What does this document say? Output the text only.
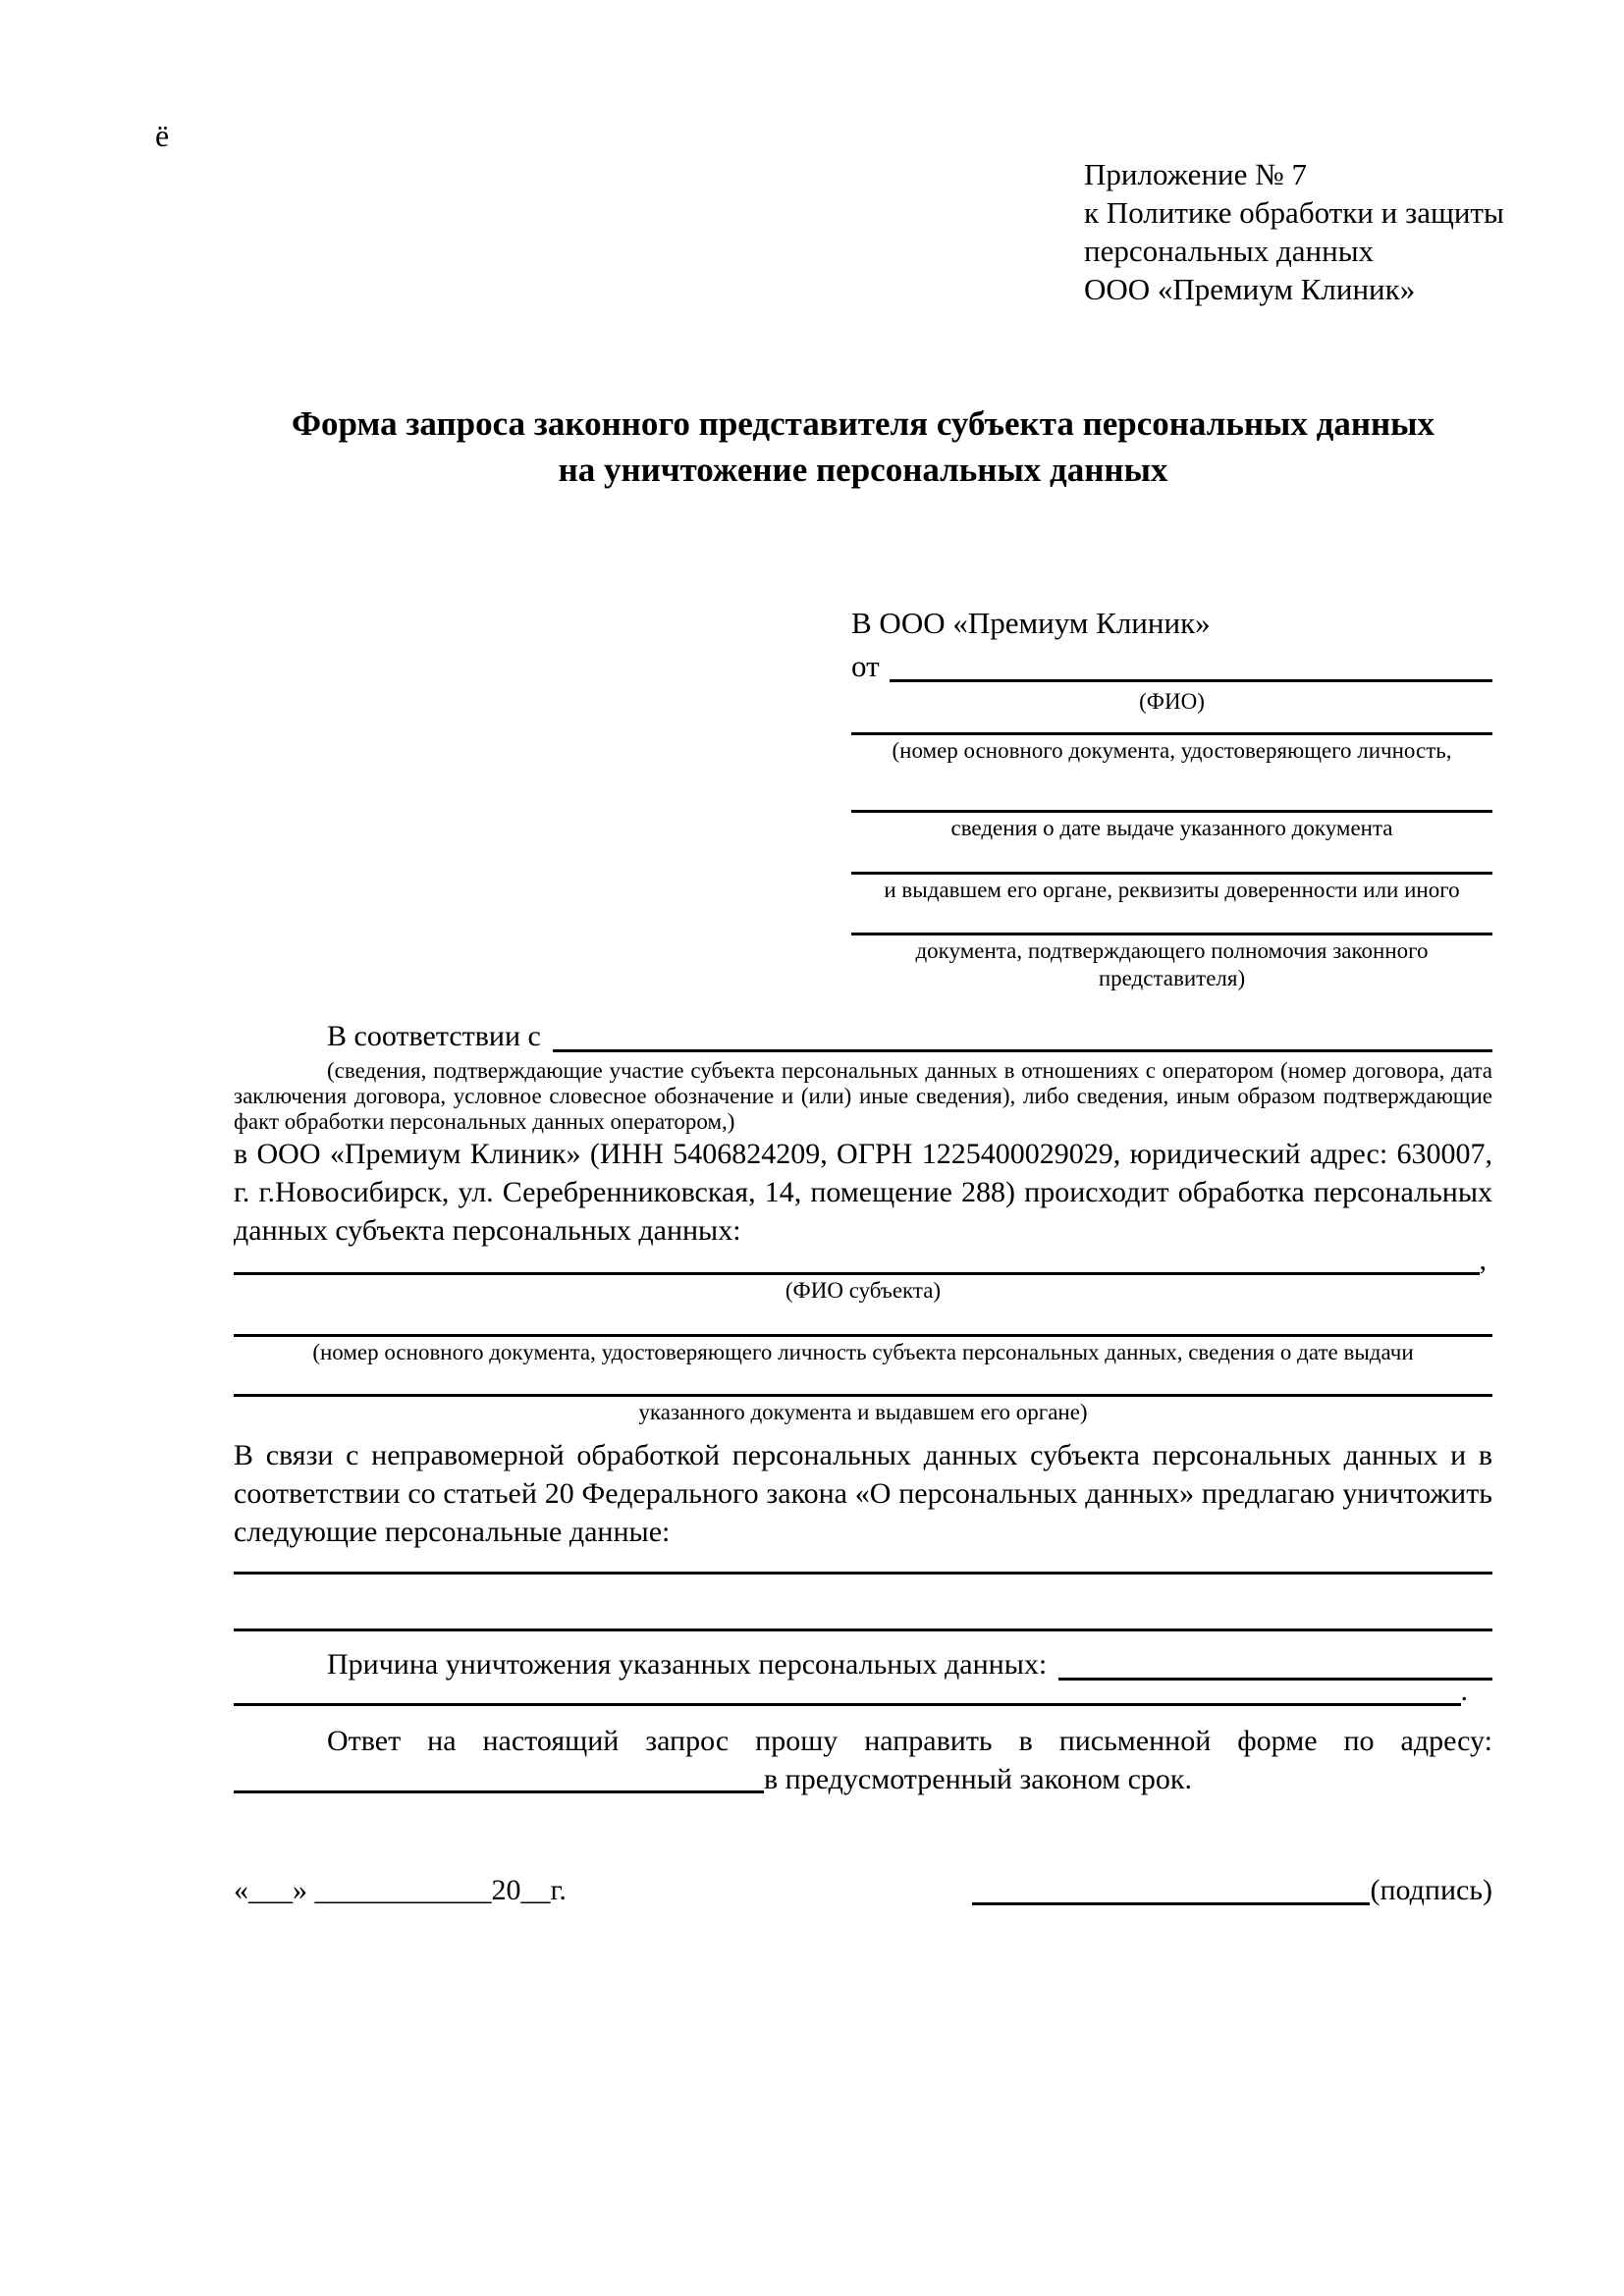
ё
Приложение № 7
к Политике обработки и защиты
персональных данных
ООО «Премиум Клиник»
Форма запроса законного представителя субъекта персональных данных
на уничтожение персональных данных
В ООО «Премиум Клиник»
от
(ФИО)
(номер основного документа, удостоверяющего личность,
сведения о дате выдаче указанного документа
и выдавшем его органе, реквизиты доверенности или иного
документа, подтверждающего полномочия законного представителя)
В соответствии с
(сведения, подтверждающие участие субъекта персональных данных в отношениях с оператором (номер договора, дата заключения договора, условное словесное обозначение и (или) иные сведения), либо сведения, иным образом подтверждающие факт обработки персональных данных оператором,)

в ООО «Премиум Клиник» (ИНН 5406824209, ОГРН 1225400029029, юридический адрес: 630007, г. г.Новосибирск, ул. Серебренниковская, 14, помещение 288) происходит обработка персональных данных субъекта персональных данных:

,
(ФИО субъекта)
(номер основного документа, удостоверяющего личность субъекта персональных данных, сведения о дате выдачи
указанного документа и выдавшем его органе)

В связи с неправомерной обработкой персональных данных субъекта персональных данных и в соответствии со статьей 20 Федерального закона «О персональных данных» предлагаю уничтожить следующие персональные данные:

Причина уничтожения указанных персональных данных:
.

Ответ на настоящий запрос прошу направить в письменной форме по адресу:

в предусмотренный законом срок.
«___» ____________20__г.	(подпись)
